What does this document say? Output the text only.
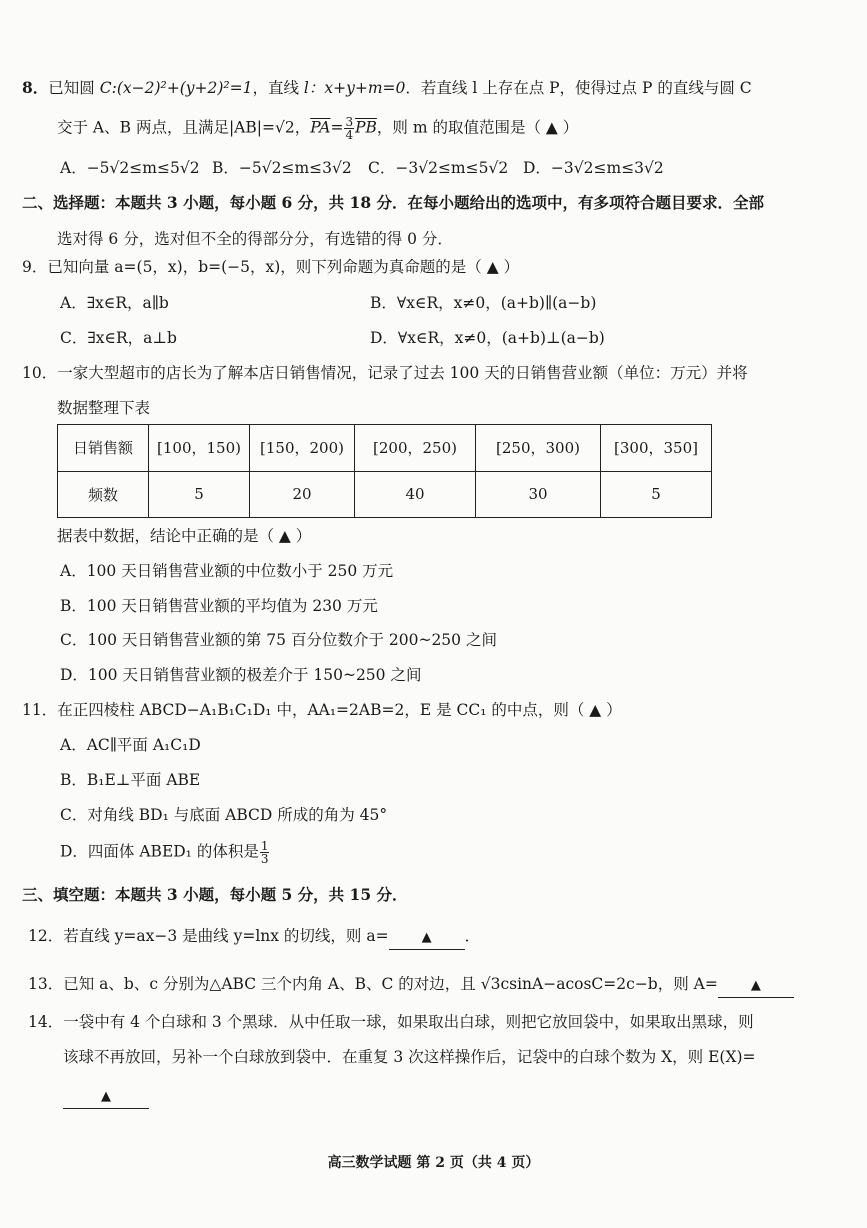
8．已知圆 C:(x−2)²+(y+2)²=1，直线 l：x+y+m=0．若直线 l 上存在点 P，使得过点 P 的直线与圆 C
交于 A、B 两点，且满足|AB|=√2，$\overline{PA}= \frac{3}{4} \overline{PB}$，则 m 的取值范围是（ ▲ ）
A．−5√2≤m≤5√2 B．−5√2≤m≤3√2 C．−3√2≤m≤5√2 D．−3√2≤m≤3√2
二、选择题：本题共 3 小题，每小题 6 分，共 18 分．在每小题给出的选项中，有多项符合题目要求．全部
选对得 6 分，选对但不全的得部分分，有选错的得 0 分．
9．已知向量 a=(5，x)，b=(−5，x)，则下列命题为真命题的是（ ▲ ）
A．∃x∈R，a∥b	B．∀x∈R，x≠0，(a+b)∥(a−b)
C．∃x∈R，a⊥b	D．∀x∈R，x≠0，(a+b)⊥(a−b)
10．一家大型超市的店长为了解本店日销售情况，记录了过去 100 天的日销售营业额（单位：万元）并将
数据整理下表
日销售额	[100，150)	[150，200)	[200，250)	[250，300)	[300，350]
频数	5	20	40	30	5
据表中数据，结论中正确的是（ ▲ ）
A．100 天日销售营业额的中位数小于 250 万元
B．100 天日销售营业额的平均值为 230 万元
C．100 天日销售营业额的第 75 百分位数介于 200~250 之间
D．100 天日销售营业额的极差介于 150~250 之间
11．在正四棱柱 ABCD−A₁B₁C₁D₁ 中，AA₁=2AB=2，E 是 CC₁ 的中点，则（ ▲ ）
A．AC∥平面 A₁C₁D
B．B₁E⊥平面 ABE
C．对角线 BD₁ 与底面 ABCD 所成的角为 45°
D．四面体 ABED₁ 的体积是 $\frac{1}{3}$
三、填空题：本题共 3 小题，每小题 5 分，共 15 分．
12．若直线 y=ax−3 是曲线 y=lnx 的切线，则 a=	▲ ．
13．已知 a、b、c 分别为△ABC 三个内角 A、B、C 的对边，且 √3csinA−acosC=2c−b，则 A=	▲
14．一袋中有 4 个白球和 3 个黑球．从中任取一球，如果取出白球，则把它放回袋中，如果取出黑球，则
该球不再放回，另补一个白球放到袋中．在重复 3 次这样操作后，记袋中的白球个数为 X，则 E(X)=
▲
高三数学试题 第 2 页（共 4 页）
